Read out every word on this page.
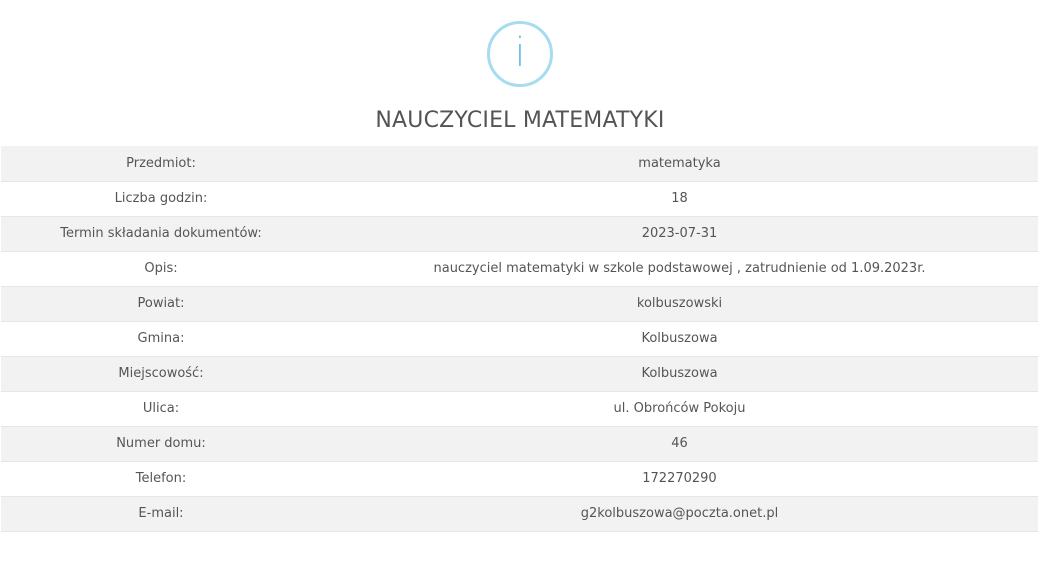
i
NAUCZYCIEL MATEMATYKI
Przedmiot:	matematyka
Liczba godzin:	18
Termin składania dokumentów:	2023-07-31
Opis:	nauczyciel matematyki w szkole podstawowej , zatrudnienie od 1.09.2023r.
Powiat:	kolbuszowski
Gmina:	Kolbuszowa
Miejscowość:	Kolbuszowa
Ulica:	ul. Obrońców Pokoju
Numer domu:	46
Telefon:	172270290
E-mail:	g2kolbuszowa@poczta.onet.pl
